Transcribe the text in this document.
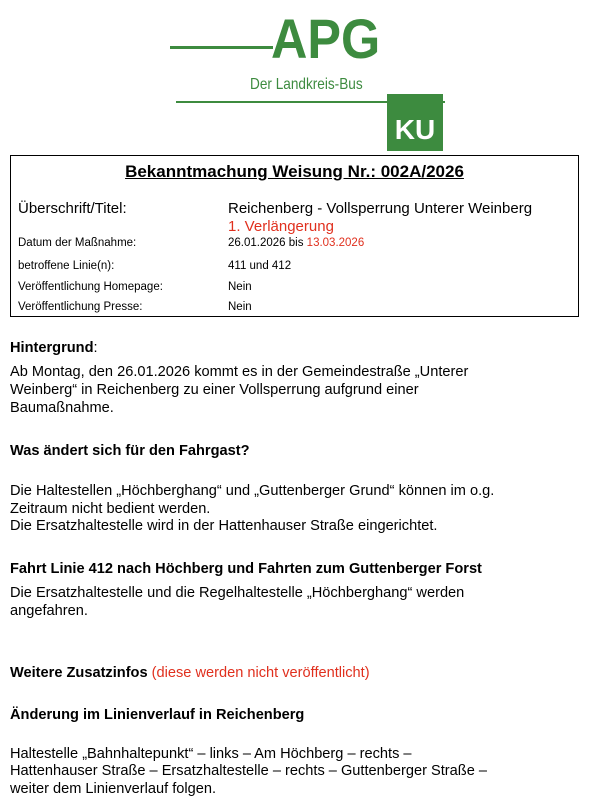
APG
Der Landkreis-Bus
KU
Bekanntmachung Weisung Nr.: 002A/2026
Überschrift/Titel:	Reichenberg - Vollsperrung Unterer Weinberg
1. Verlängerung
Datum der Maßnahme:	26.01.2026 bis 13.03.2026
betroffene Linie(n):	411 und 412
Veröffentlichung Homepage:	Nein
Veröffentlichung Presse:	Nein
Hintergrund:
Ab Montag, den 26.01.2026 kommt es in der Gemeindestraße „Unterer
Weinberg“ in Reichenberg zu einer Vollsperrung aufgrund einer
Baumaßnahme.
Was ändert sich für den Fahrgast?
Die Haltestellen „Höchberghang“ und „Guttenberger Grund“ können im o.g.
Zeitraum nicht bedient werden.
Die Ersatzhaltestelle wird in der Hattenhauser Straße eingerichtet.
Fahrt Linie 412 nach Höchberg und Fahrten zum Guttenberger Forst
Die Ersatzhaltestelle und die Regelhaltestelle „Höchberghang“ werden
angefahren.
Weitere Zusatzinfos (diese werden nicht veröffentlicht)
Änderung im Linienverlauf in Reichenberg
Haltestelle „Bahnhaltepunkt“ – links – Am Höchberg – rechts –
Hattenhauser Straße – Ersatzhaltestelle – rechts – Guttenberger Straße –
weiter dem Linienverlauf folgen.
